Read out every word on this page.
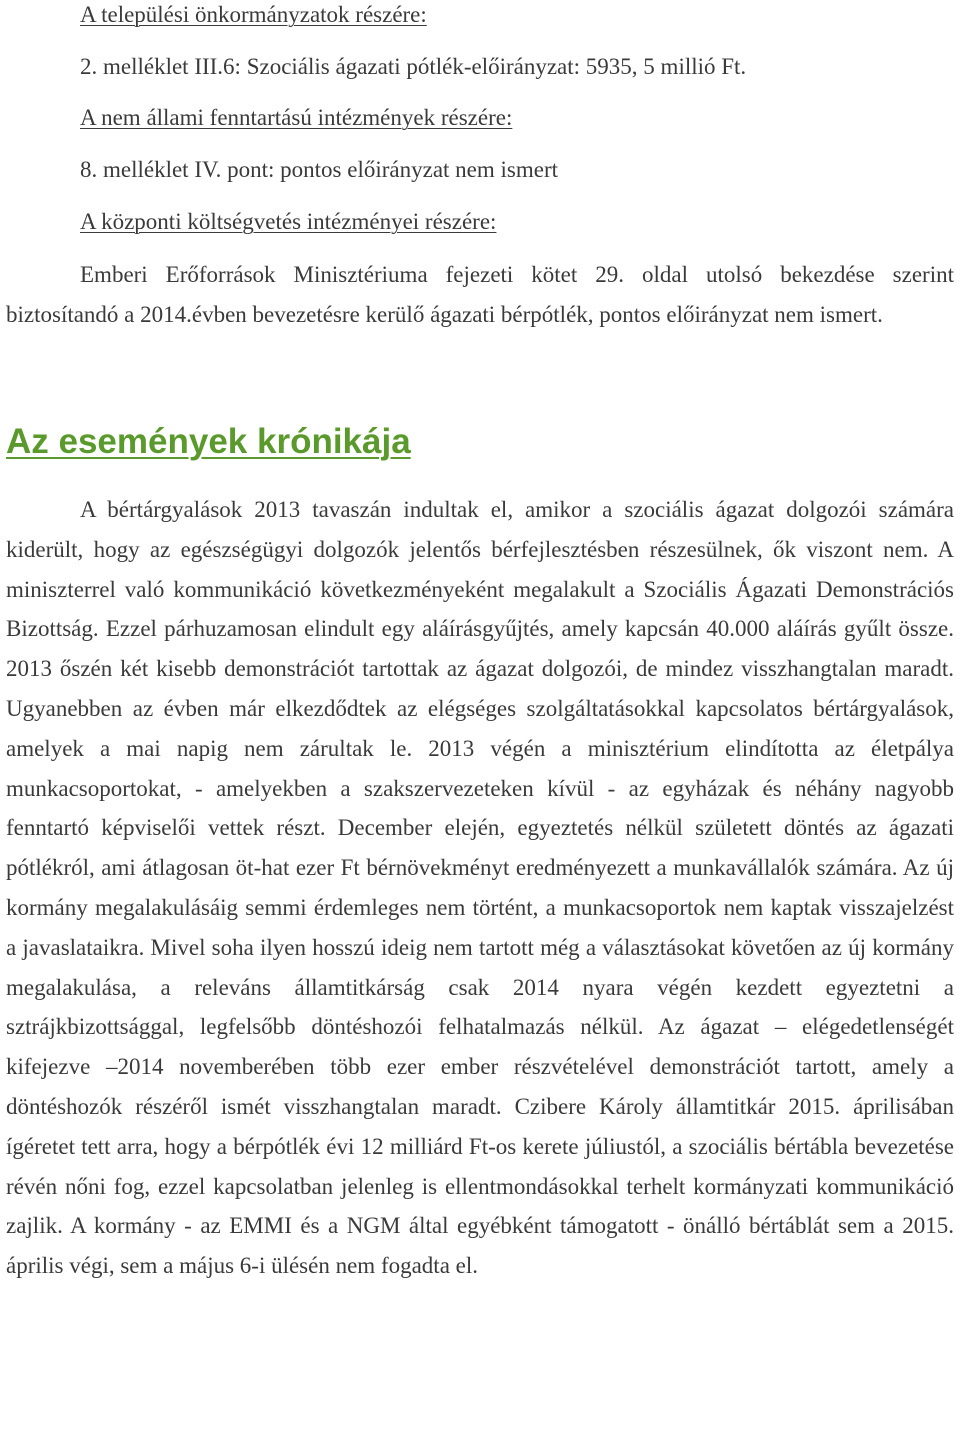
A települési önkormányzatok részére:
2. melléklet III.6: Szociális ágazati pótlék-előirányzat: 5935, 5 millió Ft.
A nem állami fenntartású intézmények részére:
8. melléklet IV. pont: pontos előirányzat nem ismert
A központi költségvetés intézményei részére:
Emberi Erőforrások Minisztériuma fejezeti kötet 29. oldal utolsó bekezdése szerint biztosítandó a 2014.évben bevezetésre kerülő ágazati bérpótlék, pontos előirányzat nem ismert.
Az események krónikája
A bértárgyalások 2013 tavaszán indultak el, amikor a szociális ágazat dolgozói számára kiderült, hogy az egészségügyi dolgozók jelentős bérfejlesztésben részesülnek, ők viszont nem. A miniszterrel való kommunikáció következményeként megalakult a Szociális Ágazati Demonstrációs Bizottság. Ezzel párhuzamosan elindult egy aláírásgyűjtés, amely kapcsán 40.000 aláírás gyűlt össze. 2013 őszén két kisebb demonstrációt tartottak az ágazat dolgozói, de mindez visszhangtalan maradt. Ugyanebben az évben már elkezdődtek az elégséges szolgáltatásokkal kapcsolatos bértárgyalások, amelyek a mai napig nem zárultak le. 2013 végén a minisztérium elindította az életpálya munkacsoportokat, - amelyekben a szakszervezeteken kívül - az egyházak és néhány nagyobb fenntartó képviselői vettek részt. December elején, egyeztetés nélkül született döntés az ágazati pótlékról, ami átlagosan öt-hat ezer Ft bérnövekményt eredményezett a munkavállalók számára. Az új kormány megalakulásáig semmi érdemleges nem történt, a munkacsoportok nem kaptak visszajelzést a javaslataikra. Mivel soha ilyen hosszú ideig nem tartott még a választásokat követően az új kormány megalakulása, a releváns államtitkárság csak 2014 nyara végén kezdett egyeztetni a sztrájkbizottsággal, legfelsőbb döntéshozói felhatalmazás nélkül. Az ágazat – elégedetlenségét kifejezve –2014 novemberében több ezer ember részvételével demonstrációt tartott, amely a döntéshozók részéről ismét visszhangtalan maradt. Czibere Károly államtitkár 2015. áprilisában ígéretet tett arra, hogy a bérpótlék évi 12 milliárd Ft-os kerete júliustól, a szociális bértábla bevezetése révén nőni fog, ezzel kapcsolatban jelenleg is ellentmondásokkal terhelt kormányzati kommunikáció zajlik. A kormány - az EMMI és a NGM által egyébként támogatott - önálló bértáblát sem a 2015. április végi, sem a május 6-i ülésén nem fogadta el.
